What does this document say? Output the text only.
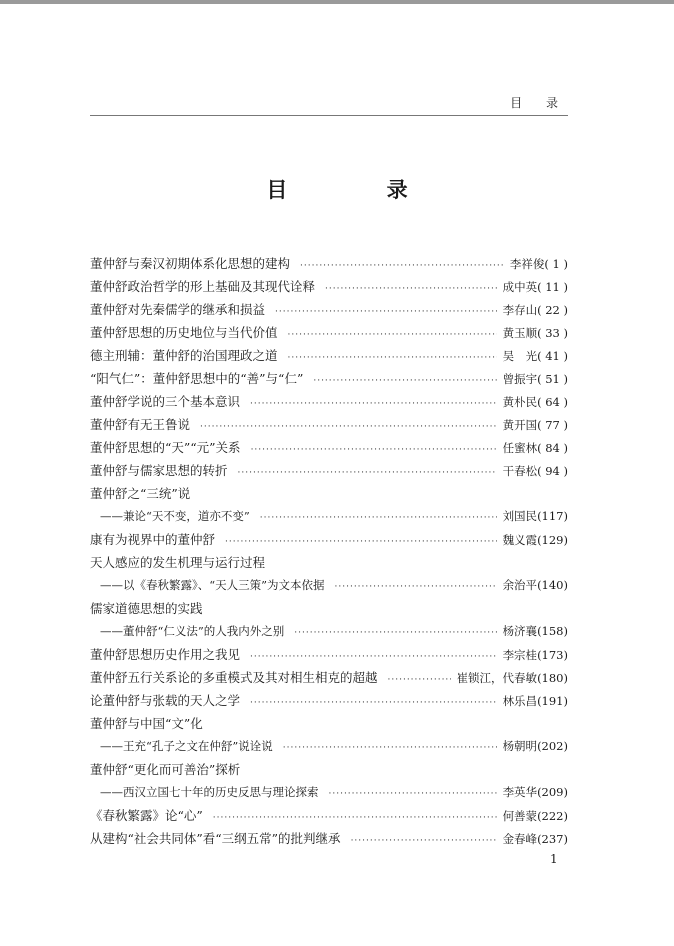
目 录
目 录
董仲舒与秦汉初期体系化思想的建构 ·····	李祥俊 ( 1 )
董仲舒政治哲学的形上基础及其现代诠释 ·····	成中英 ( 11 )
董仲舒对先秦儒学的继承和损益 ·····	李存山 ( 22 )
董仲舒思想的历史地位与当代价值 ·····	黄玉顺 ( 33 )
德主刑辅：董仲舒的治国理政之道 ·····	吴　光 ( 41 )
“阳气仁”：董仲舒思想中的“善”与“仁” ·····	曾振宇 ( 51 )
董仲舒学说的三个基本意识 ·····	黄朴民 ( 64 )
董仲舒有无王鲁说 ·····	黄开国 ( 77 )
董仲舒思想的“天”“元”关系 ·····	任蜜林 ( 84 )
董仲舒与儒家思想的转折 ·····	干春松 ( 94 )
董仲舒之“三统”说
——兼论“天不变，道亦不变” ·····	刘国民 (117)
康有为视界中的董仲舒 ·····	魏义霞 (129)
天人感应的发生机理与运行过程
——以《春秋繁露》、“天人三策”为文本依据 ·····	余治平 (140)
儒家道德思想的实践
——董仲舒“仁义法”的人我内外之别 ·····	杨济襄 (158)
董仲舒思想历史作用之我见 ·····	李宗桂 (173)
董仲舒五行关系论的多重模式及其对相生相克的超越 ·····	崔锁江，代春敏 (180)
论董仲舒与张载的天人之学 ·····	林乐昌 (191)
董仲舒与中国“文”化
——王充“孔子之文在仲舒”说诠说 ·····	杨朝明 (202)
董仲舒“更化而可善治”探析
——西汉立国七十年的历史反思与理论探索 ·····	李英华 (209)
《春秋繁露》论“心” ·····	何善蒙 (222)
从建构“社会共同体”看“三纲五常”的批判继承 ·····	金春峰 (237)
1
